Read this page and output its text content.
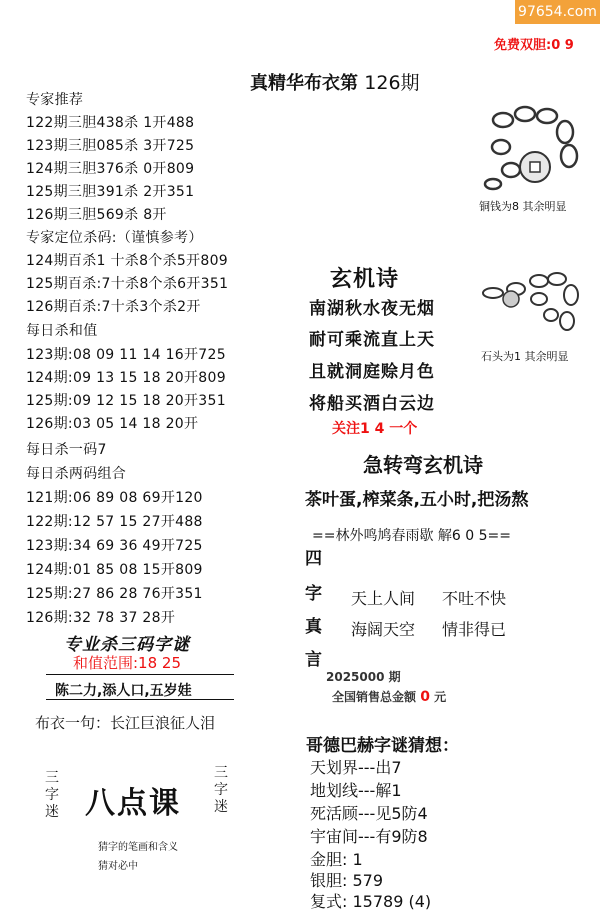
97654.com
免费双胆:0 9
真精华布衣第 126期
专家推荐
122期三胆438杀 1开488
123期三胆085杀 3开725
124期三胆376杀 0开809
125期三胆391杀 2开351
126期三胆569杀 8开
专家定位杀码:（谨慎参考）
124期百杀1 十杀8个杀5开809
125期百杀:7十杀8个杀6开351
126期百杀:7十杀3个杀2开
每日杀和值
123期:08 09 11 14 16开725
124期:09 13 15 18 20开809
125期:09 12 15 18 20开351
126期:03 05 14 18 20开
每日杀一码7
每日杀两码组合
121期:06 89 08 69开120
122期:12 57 15 27开488
123期:34 69 36 49开725
124期:01 85 08 15开809
125期:27 86 28 76开351
126期:32 78 37 28开
专业杀三码字谜
和值范围:18 25
陈二力,添人口,五岁娃
布衣一句：长江巨浪征人泪
三字迷 八点课
三字迷
猜字的笔画和含义
猜对必中
铜钱为8 其余明显
石头为1 其余明显
玄机诗
南湖秋水夜无烟
耐可乘流直上天
且就洞庭赊月色
将船买酒白云边
关注1 4 一个
急转弯玄机诗
茶叶蛋,榨菜条,五小时,把汤熬
==林外鸣鸠春雨歇 解6 0 5==
四
字
真
言
天上人间 不吐不快
海阔天空 情非得已
2025000 期
全国销售总金额 0 元
哥德巴赫字谜猜想：
天划界---出7
地划线---解1
死活顾---见5防4
宇宙间---有9防8
金胆: 1
银胆: 579
复式: 15789 (4)
